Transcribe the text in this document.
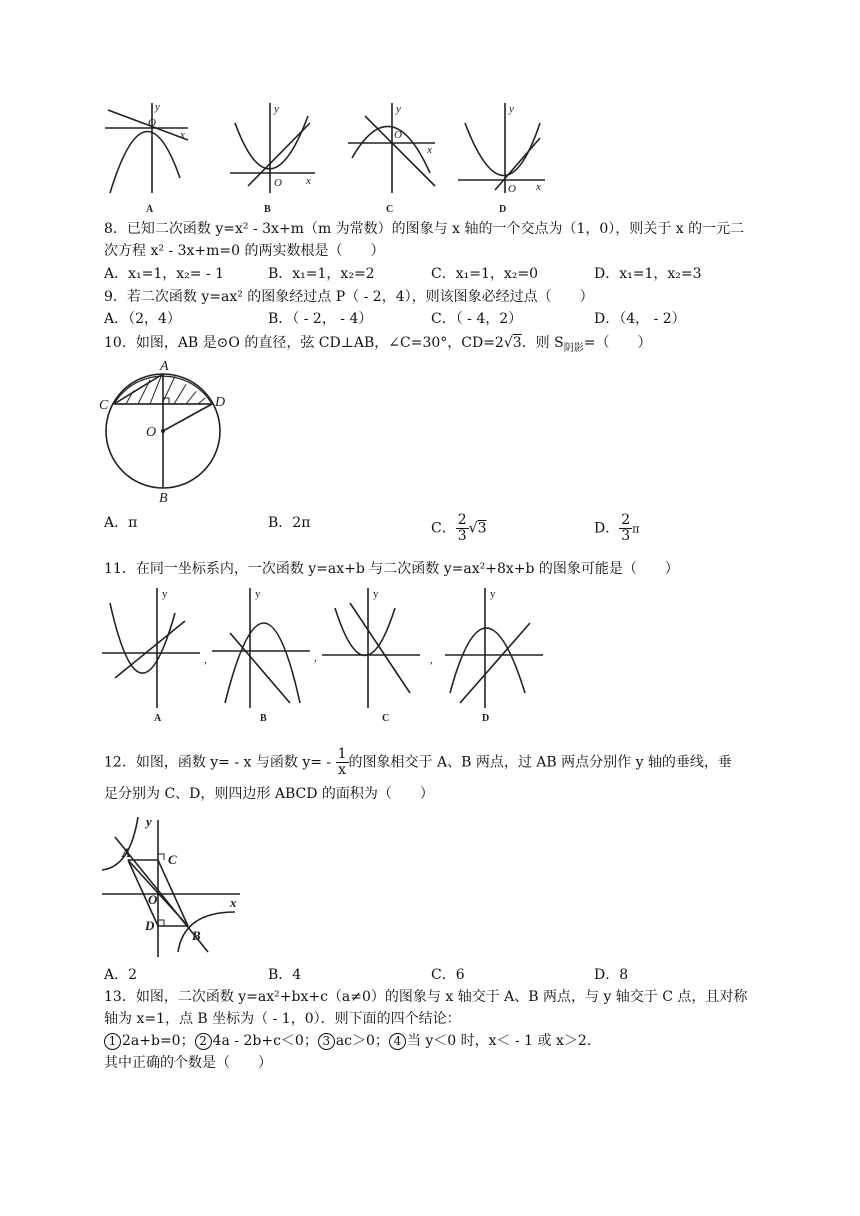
y
x
O
y
x
O
y
x
O
y
x
O
A	B	C	D
8．已知二次函数 y=x² - 3x+m（m 为常数）的图象与 x 轴的一个交点为（1，0），则关于 x 的一元二
次方程 x² - 3x+m=0 的两实数根是（　　）
A．x₁=1，x₂= - 1	B．x₁=1，x₂=2	C．x₁=1，x₂=0	D．x₁=1，x₂=3
9．若二次函数 y=ax² 的图象经过点 P（ - 2，4），则该图象必经过点（　　）
A．（2，4）	B．（ - 2， - 4）	C．（ - 4，2）	D．（4， - 2）
10．如图，AB 是⊙O 的直径，弦 CD⊥AB，∠C=30°，CD=2√3．则 $S_{阴影}=$（　　）
A
C	D
O
B
A．π	B．2π	C． $\frac{2}{3} √3$	D． $\frac{2}{3}$ π
11．在同一坐标系内，一次函数 y=ax+b 与二次函数 y=ax²+8x+b 的图象可能是（　　）
,	,	,
y	y	y	y
A	B	C	D
12．如图，函数 y= - x 与函数 $y= - \frac{1}{x}$ 的图象相交于 A、B 两点，过 AB 两点分别作 y 轴的垂线，垂
足分别为 C、D，则四边形 ABCD 的面积为（　　）
A	C
O
D
B
x
y
A．2	B．4	C．6	D．8
13．如图，二次函数 y=ax²+bx+c（a≠0）的图象与 x 轴交于 A、B 两点，与 y 轴交于 C 点，且对称
轴为 x=1，点 B 坐标为（ - 1，0）．则下面的四个结论：
1 2a+b=0； 2 4a - 2b+c＜0； 3 ac＞0； 4 当 y＜0 时，x＜ - 1 或 x＞2．
其中正确的个数是（　　）
